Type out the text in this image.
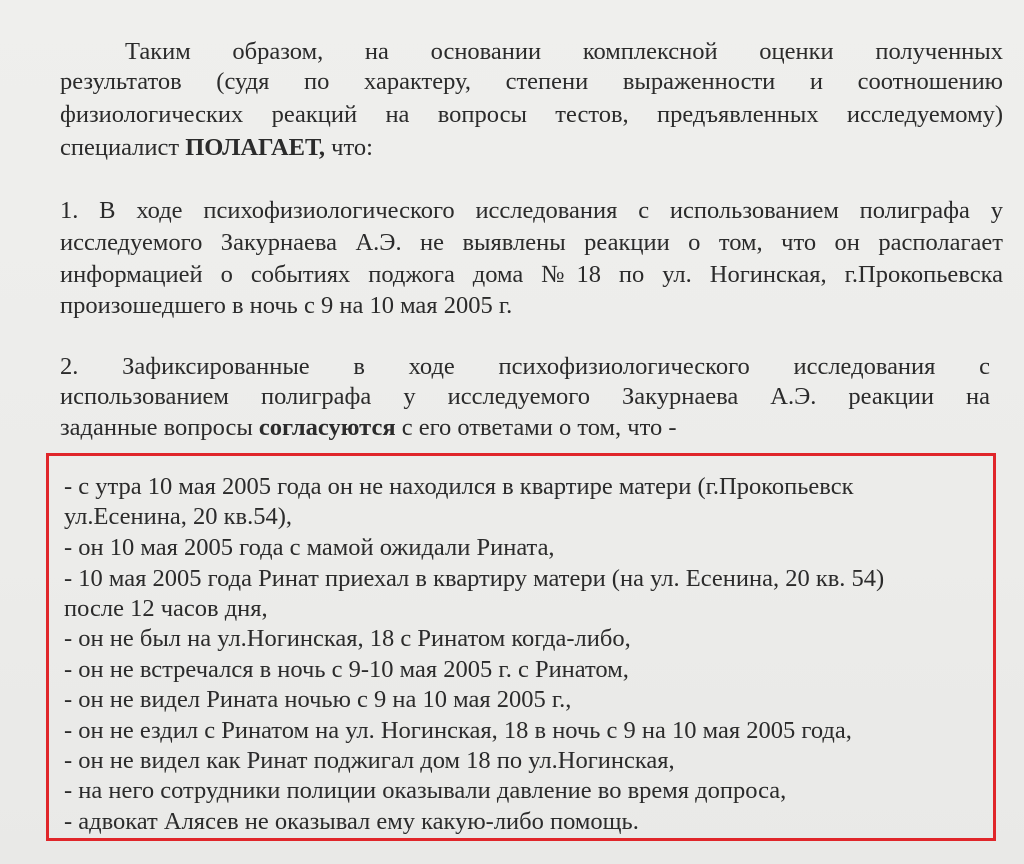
Таким образом, на основании комплексной оценки полученных

результатов (судя по характеру, степени выраженности и соотношению

физиологических реакций на вопросы тестов, предъявленных исследуемому)

специалист ПОЛАГАЕТ, что:

1. В ходе психофизиологического исследования с использованием полиграфа у

исследуемого Закурнаева А.Э. не выявлены реакции о том, что он располагает

информацией о событиях поджога дома №18 по ул. Ногинская, г.Прокопьевска

произошедшего в ночь с 9 на 10 мая 2005 г.

2. Зафиксированные в ходе психофизиологического исследования с

использованием полиграфа у исследуемого Закурнаева А.Э. реакции на

заданные вопросы согласуются с его ответами о том, что -

- с утра 10 мая 2005 года он не находился в квартире матери (г.Прокопьевск

ул.Есенина, 20 кв.54),

- он 10 мая 2005 года с мамой ожидали Рината,

- 10 мая 2005 года Ринат приехал в квартиру матери (на ул. Есенина, 20 кв. 54)

после 12 часов дня,

- он не был на ул.Ногинская, 18 с Ринатом когда-либо,

- он не встречался в ночь с 9-10 мая 2005 г. с Ринатом,

- он не видел Рината ночью с 9 на 10 мая 2005 г.,

- он не ездил с Ринатом на ул. Ногинская, 18 в ночь с 9 на 10 мая 2005 года,

- он не видел как Ринат поджигал дом 18 по ул.Ногинская,

- на него сотрудники полиции оказывали давление во время допроса,

- адвокат Алясев не оказывал ему какую-либо помощь.
